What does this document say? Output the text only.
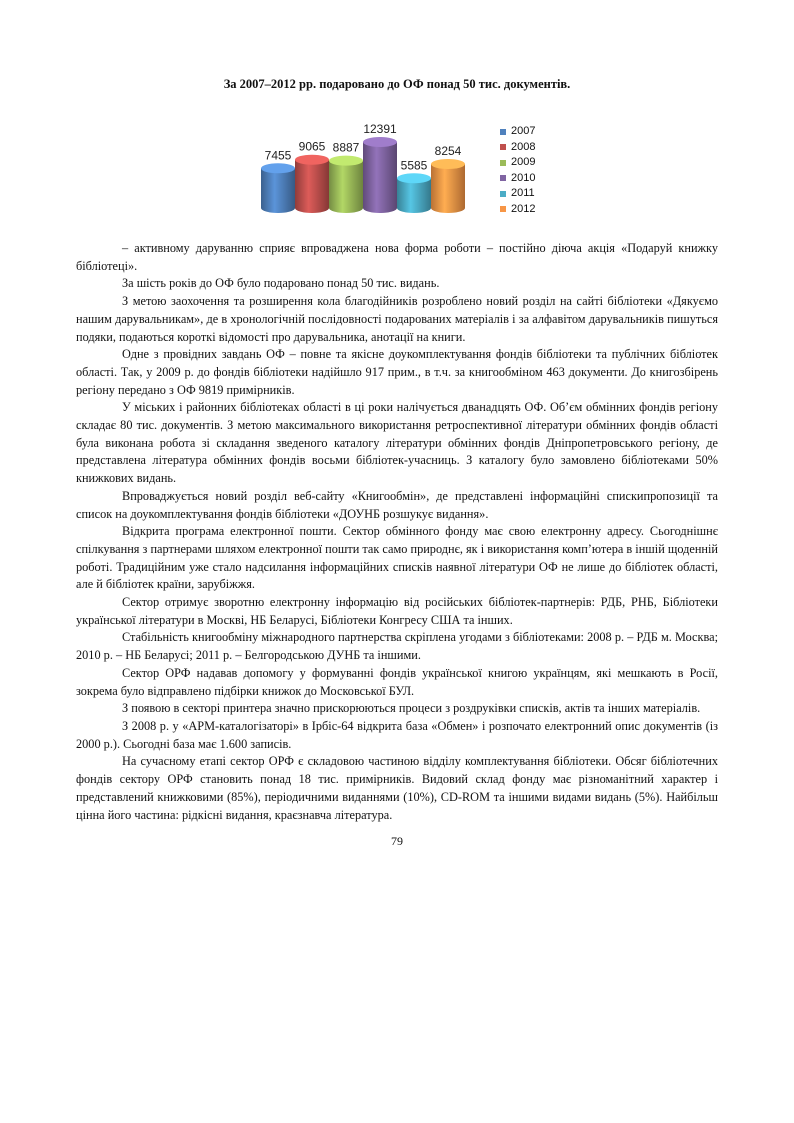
За 2007–2012 рр. подаровано до ОФ понад 50 тис. документів.
7455
9065 8887
12391
5585
8254
2007
2008
2009
2010
2011
2012

– активному даруванню сприяє впровадженa нова форма роботи – постійно діюча акція «Подаруй книжку бібліотеці».

За шість років до ОФ було подаровано понад 50 тис. видань.

З метою заохочення та розширення кола благодійників розроблено новий розділ на сайті бібліотеки «Дякуємо нашим дарувальникам», де в хронологічній послідовності подарованих матеріалів і за алфавітом дарувальників пишуться подяки, подаються короткі відомості про дарувальника, анотації на книги.

Одне з провідних завдань ОФ – повне та якісне доукомплектування фондів бібліотеки та публічних бібліотек області. Так, у 2009 р. до фондів бібліотеки надійшло 917 прим., в т.ч. за книгообміном 463 документи. До книгозбірень регіону передано з ОФ 9819 примірників.

У міських і районних бібліотеках області в ці роки налічується дванадцять ОФ. Об’єм обмінних фондів регіону складає 80 тис. документів. З метою максимального використання ретроспективної літератури обмінних фондів області була виконана робота зі складання зведеного каталогу літератури обмінних фондів Дніпропетровського регіону, де представлена література обмінних фондів восьми бібліотек-учасниць. З каталогу було замовлено бібліотеками 50% книжкових видань.

Впроваджується новий розділ веб-сайту «Книгообмін», де представлені інформаційні спискипропозиції та список на доукомплектування фондів бібліотеки «ДОУНБ розшукує видання».

Відкрита програма електронної пошти. Сектор обмінного фонду має свою електронну адресу. Сьогоднішнє спілкування з партнерами шляхом електронної пошти так само природнє, як і використання комп’ютера в іншій щоденній роботі. Традиційним уже стало надсилання інформаційних списків наявної літератури ОФ не лише до бібліотек області, але й бібліотек країни, зарубіжжя.

Сектор отримує зворотню електронну інформацію від російських бібліотек-партнерів: РДБ, РНБ, Бібліотеки української літератури в Москві, НБ Беларусі, Бібліотеки Конгресу США та інших.

Стабільність книгообміну міжнародного партнерства скріплена угодами з бібліотеками: 2008 р. – РДБ м. Москва; 2010 р. – НБ Беларусі; 2011 р. – Белгородською ДУНБ та іншими.

Сектор ОРФ надавав допомогу у формуванні фондів української книгою українцям, які мешкають в Росії, зокрема було відправлено підбірки книжок до Московської БУЛ.

З появою в секторі принтера значно прискорюються процеси з роздруківки списків, актів та інших матеріалів.

З 2008 р. у «АРМ-каталогізаторі» в Ірбіс-64 відкрита база «Обмен» і розпочато електронний опис документів (із 2000 р.). Сьогодні база має 1.600 записів.

На сучасному етапі сектор ОРФ є складовою частиною відділу комплектування бібліотеки. Обсяг бібліотечних фондів сектору ОРФ становить понад 18 тис. примірників. Видовий склад фонду має різноманітний характер і представлений книжковими (85%), періодичними виданнями (10%), CD-ROM та іншими видами видань (5%). Найбільш цінна його частина: рідкісні видання, краєзнавча література.

79
